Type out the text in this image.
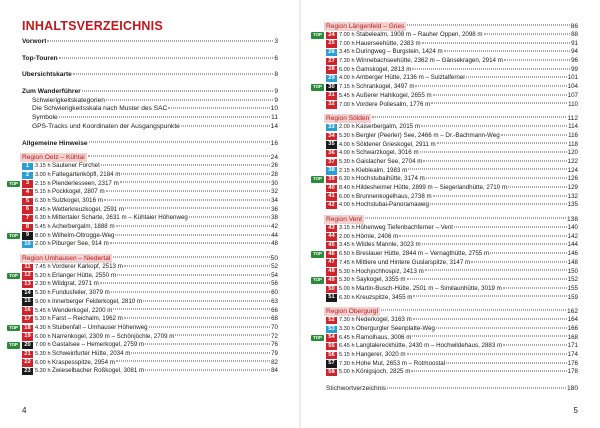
INHALTSVERZEICHNIS
Vorwort	3
Top-Touren	6
Übersichtskarte	8
Zum Wanderführer	9
Schwierigkeitskategorien	9
Die Schwierigkeitsskala nach Muster des SAC	10
Symbole	11
GPS-Tracks und Koordinaten der Ausgangspunkte	14
Allgemeine Hinweise	16
Region Oetz – Kühtai	24
1	3.15 h Sautener Forchet	26
2	3.00 h Faltegartenköpfl, 2184 m	28
TOP	3	2.15 h Plenderlesseen, 2317 m	30
4	5.15 h Pockkogel, 2807 m	32
5	6.30 h Sulzkogel, 3016 m	34
6	3.45 h Wetterkreuzkogel, 2591 m	36
7	6.30 h Mittertaler Scharte, 2631 m – Kühtaier Höhenweg	38
8	5.45 h Acherbergalm, 1888 m	42
TOP	9	8.00 h Wilhelm-Oltrogge-Weg	44
10 2.00 h Piburger See, 914 m	48
Region Umhausen – Niedertal	50
11 7.45 h Vorderer Karkopf, 2513 m	52
TOP	12 5.20 h Erlanger Hütte, 2550 m	54
13 2.30 h Wildgrat, 2971 m	56
14 5.30 h Fundusfeiler, 3079 m	60
15 9.00 h Innerberger Felderkogel, 2810 m	63
16 5.45 h Wenderkogel, 2200 m	66
17 5.30 h Farst – Reichalm, 1962 m	68
TOP	18 4.30 h Stuibenfall – Umhauser Höhenweg	70
19 6.00 h Narrenkogel, 2309 m – Schönjöchle, 2709 m	72
TOP	20 7.00 h Gastalsee – Hemerkogel, 2759 m	76
21 5.30 h Schweinfurter Hütte, 2034 m	79
22 6.00 h Kraspesspitze, 2954 m	82
23 5.30 h Zwieselbacher Roßkogel, 3081 m	84
4
Region Längenfeld – Gries	86
TOP	24 7.00 h Stabelealm, 1908 m – Rauher Oppen, 2098 m	88
25 7.00 h Hauerseehütte, 2383 m	91
26 3.45 h Duringweg – Burgstein, 1424 m	94
27 7.30 h Winnebachseehütte, 2362 m – Gänsekragen, 2914 m	96
28 6.00 h Gamskogel, 2813 m	99
29 4.00 h Amberger Hütte, 2136 m – Sulztalferner	101
TOP	30 7.15 h Schrankogel, 3497 m	104
31 5.45 h Äußerer Hahlkogel, 2655 m	107
32 7.00 h Vordere Pollesalm, 1776 m	110
Region Sölden	112
33 2.00 h Kaiserbergalm, 2015 m	114
34 5.30 h Bergler (Peerler) See, 2466 m – Dr.-Bachmann-Weg	116
35 4.00 h Söldener Grieskogel, 2911 m	118
36 4.00 h Schwarzkogel, 3016 m	120
37 5.30 h Gaislacher See, 2704 m	122
38 2.15 h Kleblealm, 1983 m	124
TOP	39 6.30 h Hochstubaihütte, 3174 m	126
40 8.40 h Hildesheimer Hütte, 2899 m – Siegerlandhütte, 2710 m	129
41 6.00 h Brunnenkogelhaus, 2738 m	132
42 4.00 h Hochstubai-Panoramaweg	135
Region Vent	138
43 3.15 h Höhenweg Tiefenbachferner – Vent	140
44 2.00 h Hörnle, 2406 m	142
45 3.45 h Wildes Mannle, 3023 m	144
TOP	46 6.50 h Breslauer Hütte, 2844 m – Vernagthütte, 2755 m	146
47 7.45 h Mittlere und Hintere Guslarspitze, 3147 m	148
48 5.30 h Hochjochhospiz, 2413 m	150
TOP	49 5.30 h Saykogel, 3355 m	152
50 5.00 h Martin-Busch-Hütte, 2501 m – Similaunhütte, 3019 m	155
51 6.30 h Kreuzspitze, 3455 m	159
Region Obergurgl	162
52 7.30 h Nederkogel, 3163 m	164
53 3.30 h Obergurgler Seenplatte-Weg	166
TOP	54 6.45 h Ramolhaus, 3006 m	168
55 6.45 h Langtalereckhütte, 2430 m – Hochwildehaus, 2883 m	171
56 5.15 h Hangerer, 3020 m	174
57 7.30 h Hohe Mut, 2653 m – Rotmoostal	176
58 5.00 h Königsjoch, 2825 m	178
Stichwortverzeichnis	180
5
